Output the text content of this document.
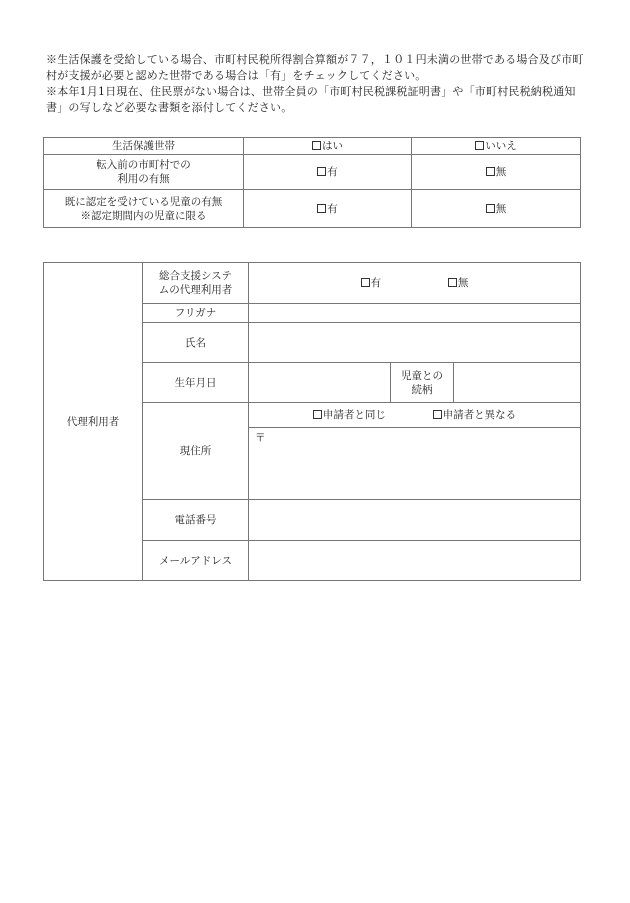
※生活保護を受給している場合、市町村民税所得割合算額が７７，１０１円未満の世帯である場合及び市町村が支援が必要と認めた世帯である場合は「有」をチェックしてください。

※本年1月1日現在、住民票がない場合は、世帯全員の「市町村民税課税証明書」や「市町村民税納税通知書」の写しなど必要な書類を添付してください。

生活保護世帯	はい	いいえ
転入前の市町村での
利用の有無	有	無
既に認定を受けている児童の有無
※認定期間内の児童に限る	有	無
代理利用者	総合支援システ
ムの代理利用者	有 無		
	フリガナ			
	氏名			
	生年月日		児童との
続柄	
	現住所	申請者と同じ 申請者と異なる		
		〒		
	電話番号			
	メールアドレス			
